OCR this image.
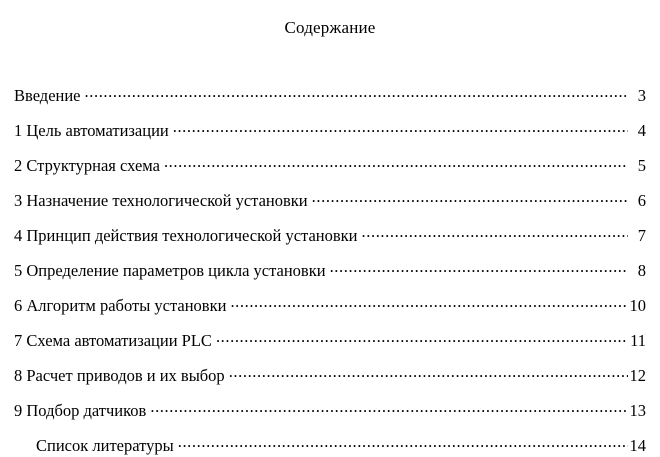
Содержание
Введение .....	3
1 Цель автоматизации .....	4
2 Структурная схема .....	5
3 Назначение технологической установки .....	6
4 Принцип действия технологической установки .....	7
5 Определение параметров цикла установки .....	8
6 Алгоритм работы установки .....	10
7 Схема автоматизации PLC .....	11
8 Расчет приводов и их выбор .....	12
9 Подбор датчиков .....	13
Список литературы .....	14
